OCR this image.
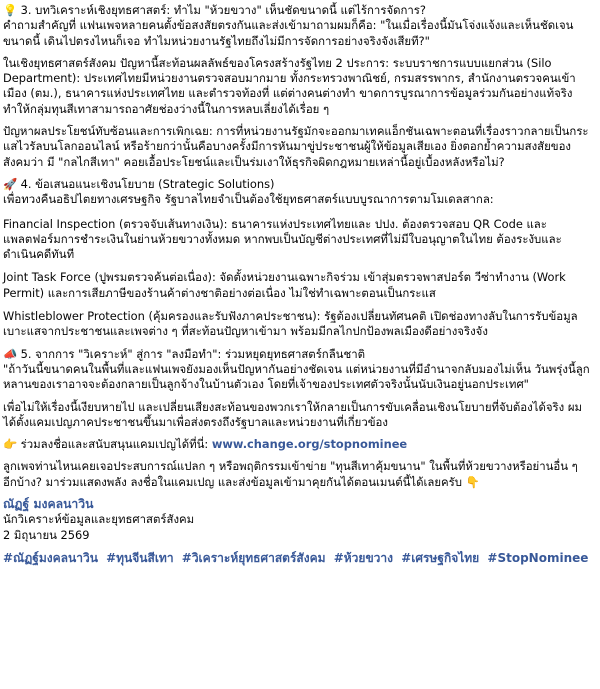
💡 3. บทวิเคราะห์เชิงยุทธศาสตร์: ทำไม "ห้วยขวาง" เห็นชัดขนาดนี้ แต่ไร้การจัดการ?
คำถามสำคัญที่ แฟนเพจหลายคนตั้งข้อสงสัยตรงกันและส่งเข้ามาถามผมก็คือ: "ในเมื่อเรื่องนี้มันโจ่งแจ้งและเห็นชัดเจนขนาดนี้ เดินไปตรงไหนก็เจอ ทำไมหน่วยงานรัฐไทยถึงไม่มีการจัดการอย่างจริงจังเสียที?"

ในเชิงยุทธศาสตร์สังคม ปัญหานี้สะท้อนผลลัพธ์ของโครงสร้างรัฐไทย 2 ประการ: ระบบราชการแบบแยกส่วน (Silo Department): ประเทศไทยมีหน่วยงานตรวจสอบมากมาย ทั้งกระทรวงพาณิชย์, กรมสรรพากร, สำนักงานตรวจคนเข้าเมือง (ตม.), ธนาคารแห่งประเทศไทย และตำรวจท้องที่ แต่ต่างคนต่างทำ ขาดการบูรณาการข้อมูลร่วมกันอย่างแท้จริง ทำให้กลุ่มทุนสีเทาสามารถอาศัยช่องว่างนี้ในการหลบเลี่ยงได้เรื่อย ๆ

ปัญหาผลประโยชน์ทับซ้อนและการเพิกเฉย: การที่หน่วยงานรัฐมักจะออกมาเทคแอ็กชันเฉพาะตอนที่เรื่องราวกลายเป็นกระแสไวรัลบนโลกออนไลน์ หรือร้ายกว่านั้นคือบางครั้งมีการหันมาขู่ประชาชนผู้ให้ข้อมูลเสียเอง ยิ่งตอกย้ำความสงสัยของสังคมว่า มี "กลไกสีเทา" คอยเอื้อประโยชน์และเป็นร่มเงาให้ธุรกิจผิดกฎหมายเหล่านี้อยู่เบื้องหลังหรือไม่?

🚀 4. ข้อเสนอแนะเชิงนโยบาย (Strategic Solutions)
เพื่อทวงคืนอธิปไตยทางเศรษฐกิจ รัฐบาลไทยจำเป็นต้องใช้ยุทธศาสตร์แบบบูรณาการตามโมเดลสากล:

Financial Inspection (ตรวจจับเส้นทางเงิน): ธนาคารแห่งประเทศไทยและ ปปง. ต้องตรวจสอบ QR Code และแพลตฟอร์มการชำระเงินในย่านห้วยขวางทั้งหมด หากพบเป็นบัญชีต่างประเทศที่ไม่มีใบอนุญาตในไทย ต้องระงับและดำเนินคดีทันที

Joint Task Force (ปูพรมตรวจค้นต่อเนื่อง): จัดตั้งหน่วยงานเฉพาะกิจร่วม เข้าสุ่มตรวจพาสปอร์ต วีซ่าทำงาน (Work Permit) และการเสียภาษีของร้านค้าต่างชาติอย่างต่อเนื่อง ไม่ใช่ทำเฉพาะตอนเป็นกระแส

Whistleblower Protection (คุ้มครองและรับฟังภาคประชาชน): รัฐต้องเปลี่ยนทัศนคติ เปิดช่องทางลับในการรับข้อมูลเบาะแสจากประชาชนและเพจต่าง ๆ ที่สะท้อนปัญหาเข้ามา พร้อมมีกลไกปกป้องพลเมืองดีอย่างจริงจัง

📣 5. จากการ "วิเคราะห์" สู่การ "ลงมือทำ": ร่วมหยุดยุทธศาสตร์กลืนชาติ
"ถ้าวันนี้ขนาดคนในพื้นที่และแฟนเพจยังมองเห็นปัญหากันอย่างชัดเจน แต่หน่วยงานที่มีอำนาจกลับมองไม่เห็น วันพรุ่งนี้ลูกหลานของเราอาจจะต้องกลายเป็นลูกจ้างในบ้านตัวเอง โดยที่เจ้าของประเทศตัวจริงนั้นนับเงินอยู่นอกประเทศ"

เพื่อไม่ให้เรื่องนี้เงียบหายไป และเปลี่ยนเสียงสะท้อนของพวกเราให้กลายเป็นการขับเคลื่อนเชิงนโยบายที่จับต้องได้จริง ผมได้ตั้งแคมเปญภาคประชาชนขึ้นมาเพื่อส่งตรงถึงรัฐบาลและหน่วยงานที่เกี่ยวข้อง

👉 ร่วมลงชื่อและสนับสนุนแคมเปญได้ที่นี่: www.change.org/stopnominee

ลูกเพจท่านไหนเคยเจอประสบการณ์แปลก ๆ หรือพฤติกรรมเข้าข่าย "ทุนสีเทาคุ้มขนาน" ในพื้นที่ห้วยขวางหรือย่านอื่น ๆ อีกบ้าง? มาร่วมแสดงพลัง ลงชื่อในแคมเปญ และส่งข้อมูลเข้ามาคุยกันได้ตอนเมนต์นี้ได้เลยครับ 👇

ณัฏฐ์ มงคลนาวิน
นักวิเคราะห์ข้อมูลและยุทธศาสตร์สังคม
2 มิถุนายน 2569

#ณัฏฐ์มงคลนาวิน #ทุนจีนสีเทา #วิเคราะห์ยุทธศาสตร์สังคม #ห้วยขวาง #เศรษฐกิจไทย #StopNominee
